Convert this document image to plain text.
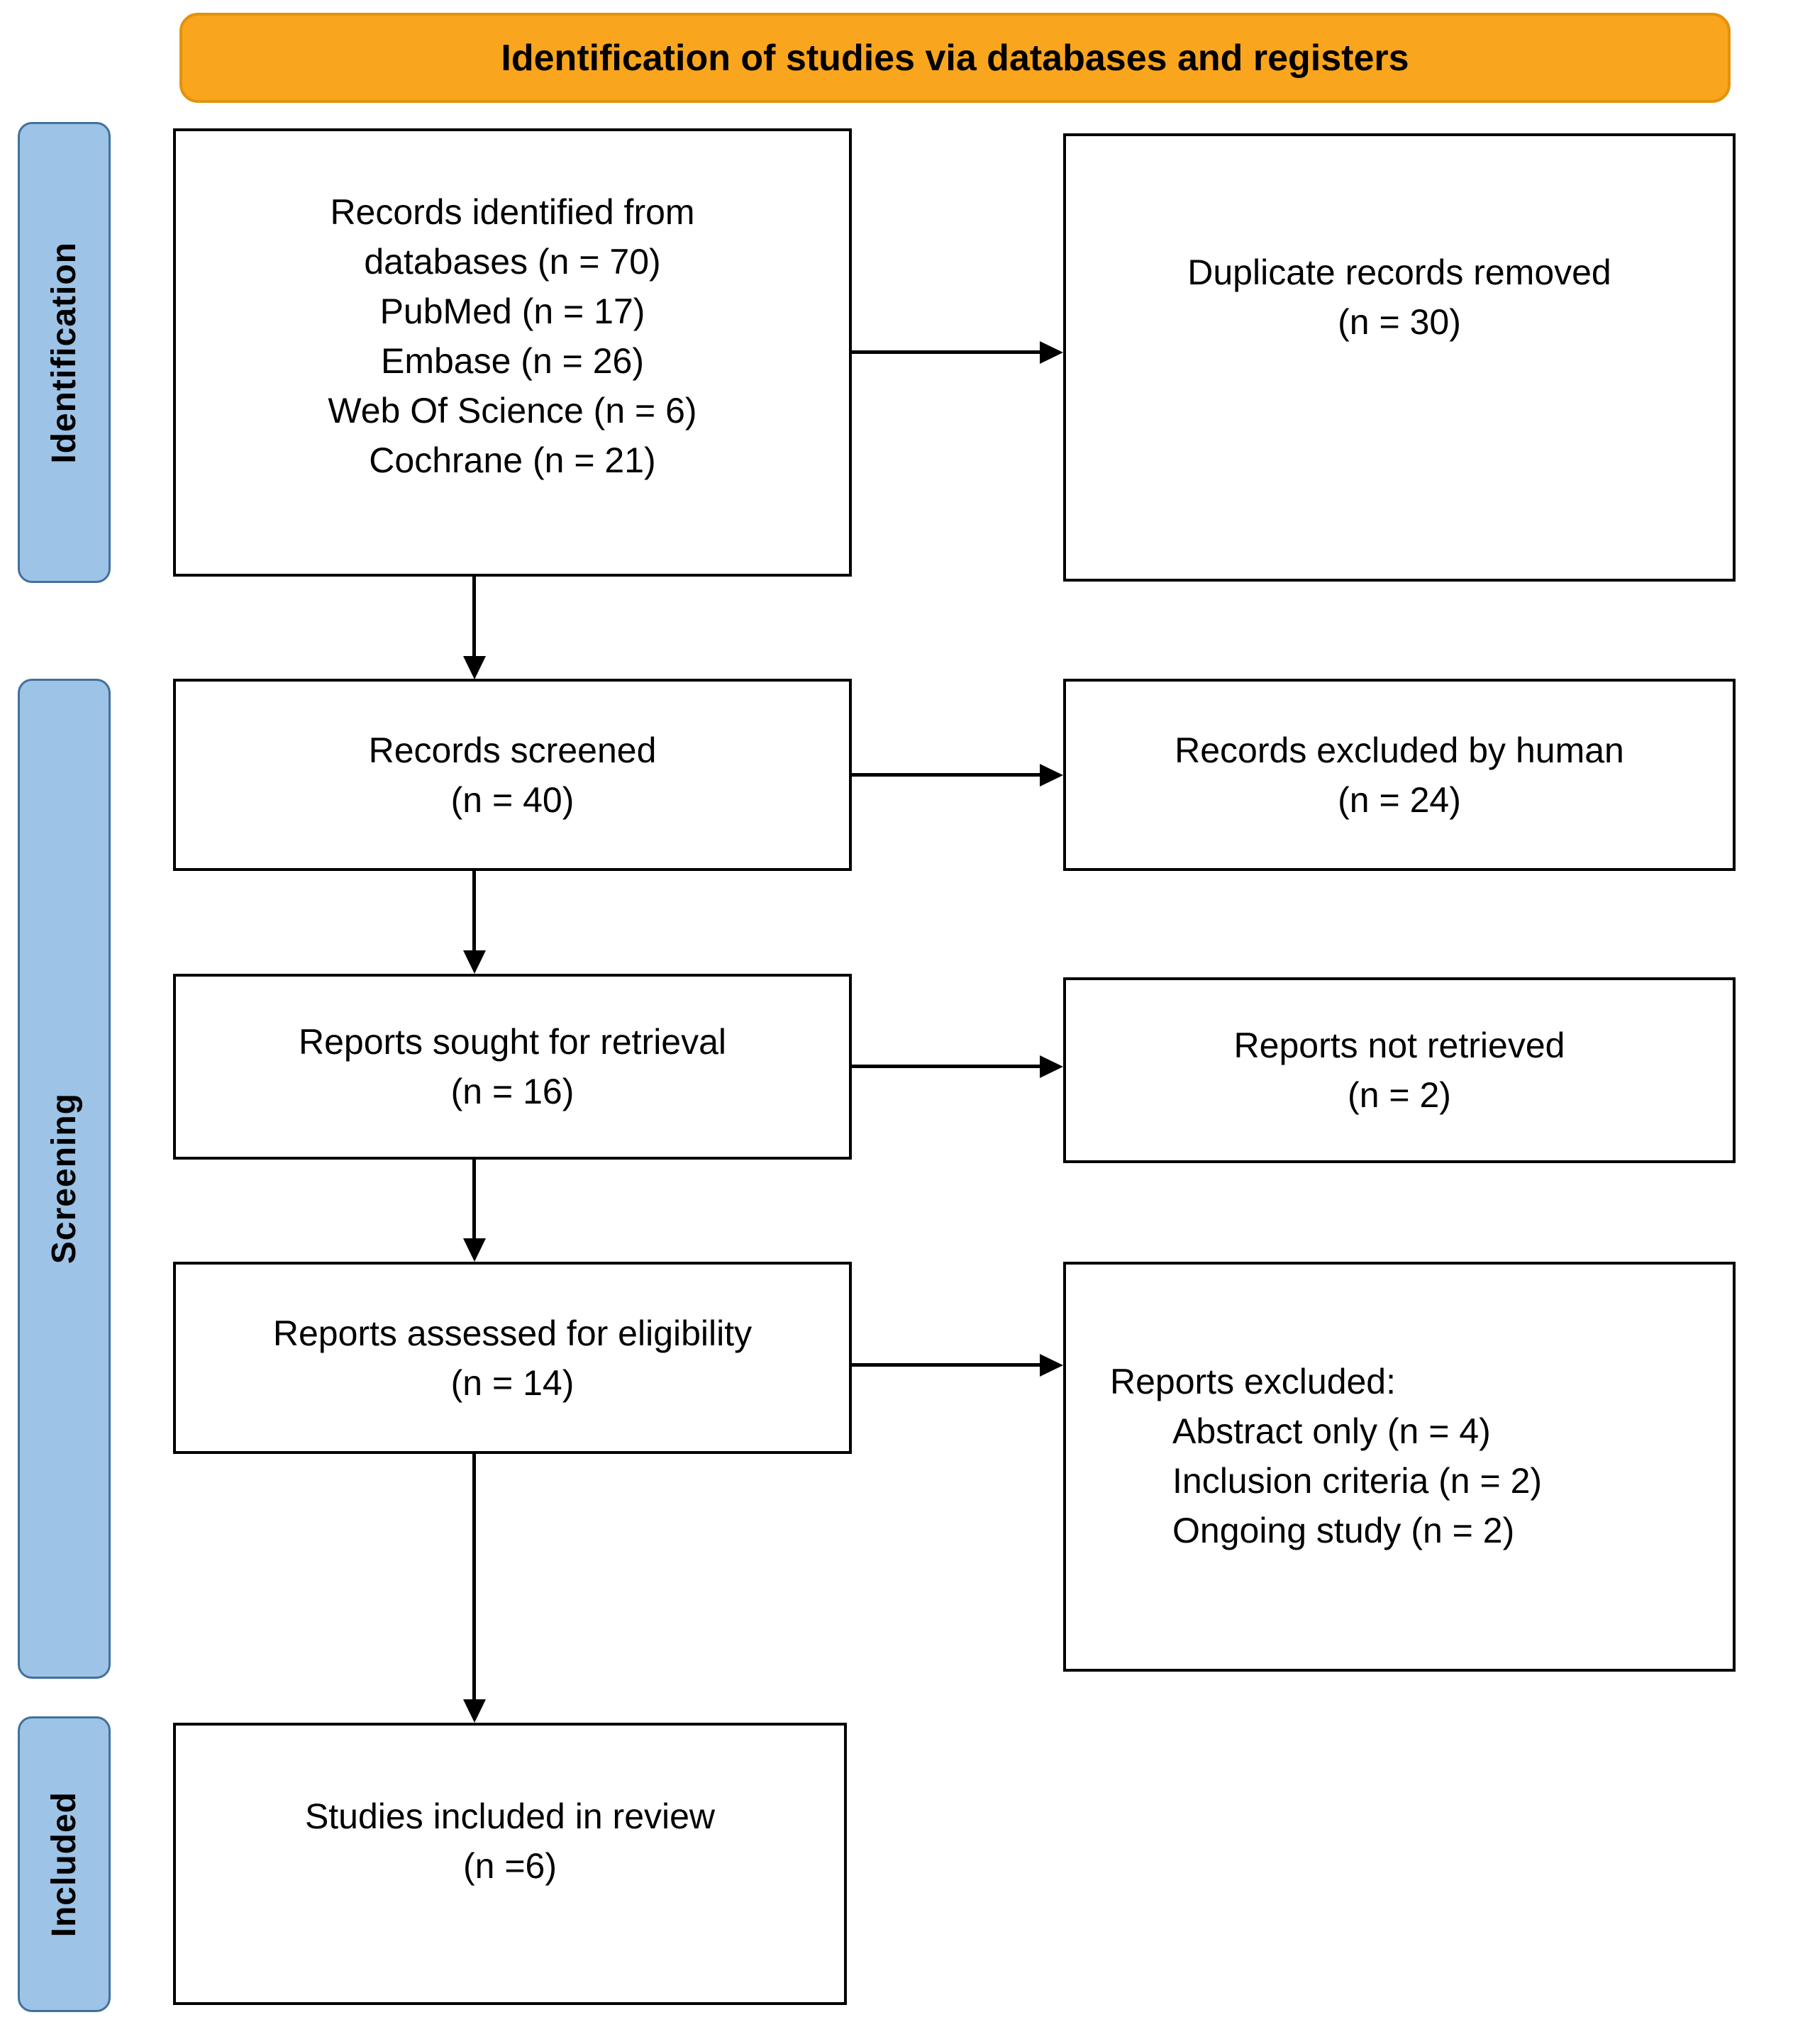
Identification of studies via databases and registers
Identification
Screening
Included
Records identified from
databases (n = 70)
PubMed (n = 17)
Embase (n = 26)
Web Of Science (n = 6)
Cochrane (n = 21)
Records screened
(n = 40)
Reports sought for retrieval
(n = 16)
Reports assessed for eligibility
(n = 14)
Studies included in review
(n =6)
Duplicate records removed
(n = 30)
Records excluded by human
(n = 24)
Reports not retrieved
(n = 2)
Reports excluded:
Abstract only (n = 4)
Inclusion criteria (n = 2)
Ongoing study (n = 2)
